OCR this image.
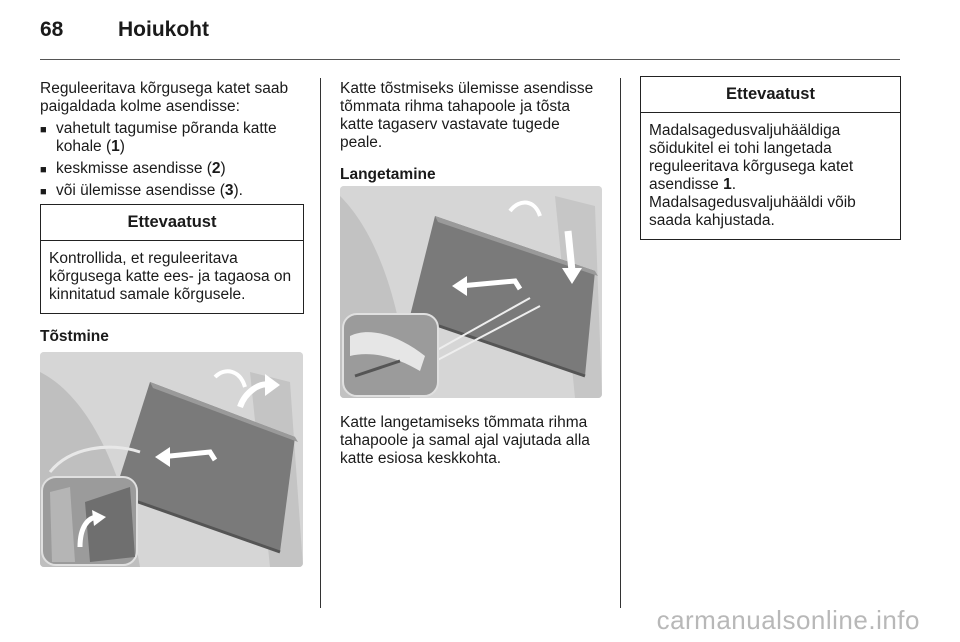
68	Hoiukoht

Reguleeritava kõrgusega katet saab paigaldada kolme asendisse:

■ vahetult tagumise põranda katte kohale (1)
■ keskmisse asendisse (2)
■ või ülemisse asendisse (3).
Ettevaatust
Kontrollida, et reguleeritava kõrgusega katte ees- ja tagaosa on kinnitatud samale kõrgusele.
Tõstmine

Katte tõstmiseks ülemisse asendisse tõmmata rihma tahapoole ja tõsta katte tagaserv vastavate tugede peale.

Langetamine

Katte langetamiseks tõmmata rihma tahapoole ja samal ajal vajutada alla katte esiosa keskkohta.

Ettevaatust
Madalsagedusvaljuhääldiga sõidukitel ei tohi langetada reguleeritava kõrgusega katet asendisse 1. Madalsagedusvaljuhääldi võib saada kahjustada.
carmanualsonline.info
